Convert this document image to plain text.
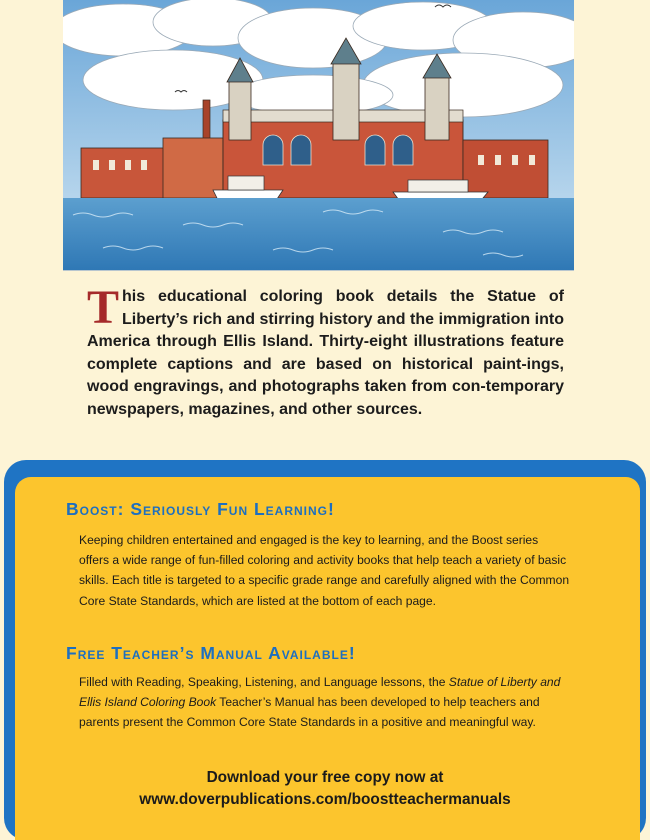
This educational coloring book details the Statue of Liberty’s rich and stirring history and the immigration into America through Ellis Island. Thirty-eight illustrations feature complete captions and are based on historical paint-ings, wood engravings, and photographs taken from con-temporary newspapers, magazines, and other sources.

Boost: Seriously Fun Learning!

Keeping children entertained and engaged is the key to learning, and the Boost series offers a wide range of fun-filled coloring and activity books that help teach a variety of basic skills. Each title is targeted to a specific grade range and carefully aligned with the Common Core State Standards, which are listed at the bottom of each page.

Free Teacher’s Manual Available!

Filled with Reading, Speaking, Listening, and Language lessons, the Statue of Liberty and Ellis Island Coloring Book Teacher’s Manual has been developed to help teachers and parents present the Common Core State Standards in a positive and meaningful way.

Download your free copy now at
www.doverpublications.com/boostteachermanuals
